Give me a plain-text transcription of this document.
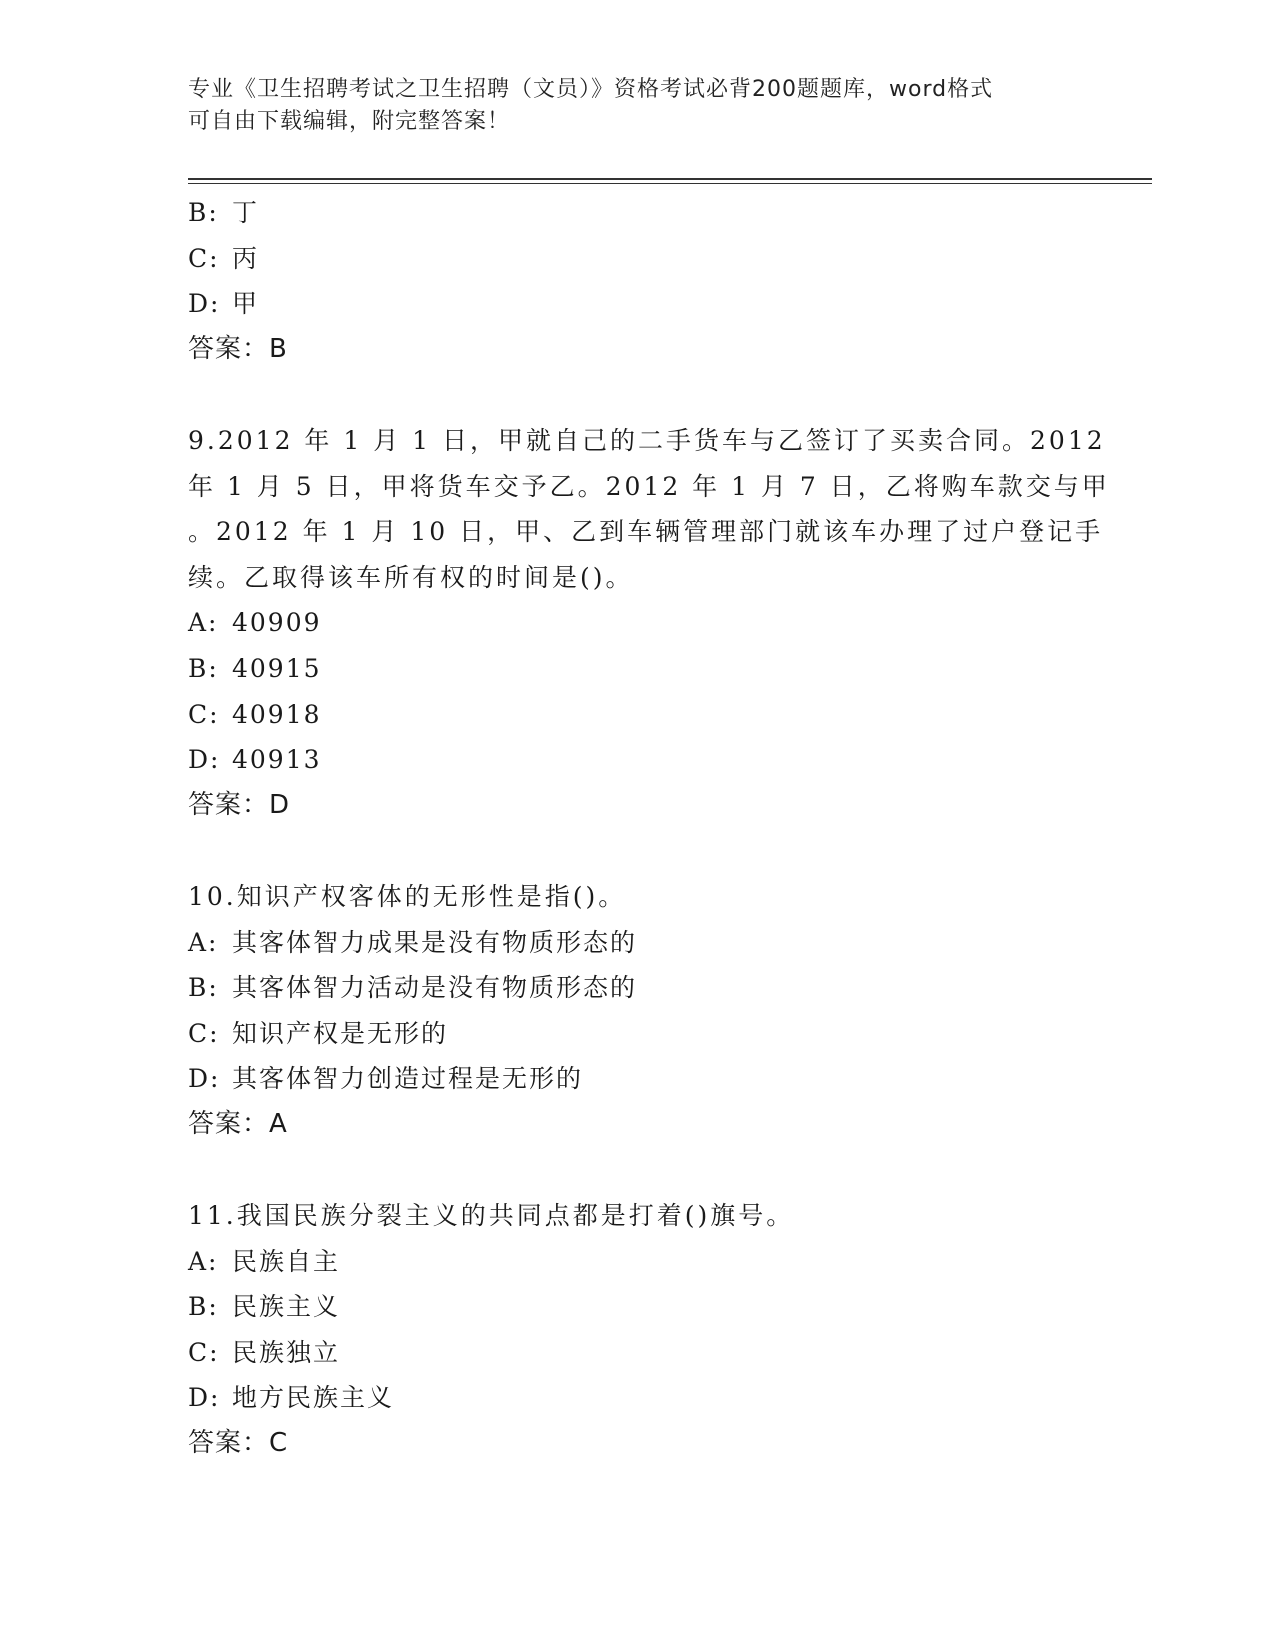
专业《卫生招聘考试之卫生招聘（文员）》资格考试必背200题题库，word格式
可自由下载编辑，附完整答案！
B: 丁
C: 丙
D: 甲
答案：B
9.2012 年 1 月 1 日，甲就自己的二手货车与乙签订了买卖合同。2012
年 1 月 5 日，甲将货车交予乙。2012 年 1 月 7 日，乙将购车款交与甲
。2012 年 1 月 10 日，甲、乙到车辆管理部门就该车办理了过户登记手
续。乙取得该车所有权的时间是()。
A: 40909
B: 40915
C: 40918
D: 40913
答案：D
10.知识产权客体的无形性是指()。
A: 其客体智力成果是没有物质形态的
B: 其客体智力活动是没有物质形态的
C: 知识产权是无形的
D: 其客体智力创造过程是无形的
答案：A
11.我国民族分裂主义的共同点都是打着()旗号。
A: 民族自主
B: 民族主义
C: 民族独立
D: 地方民族主义
答案：C
